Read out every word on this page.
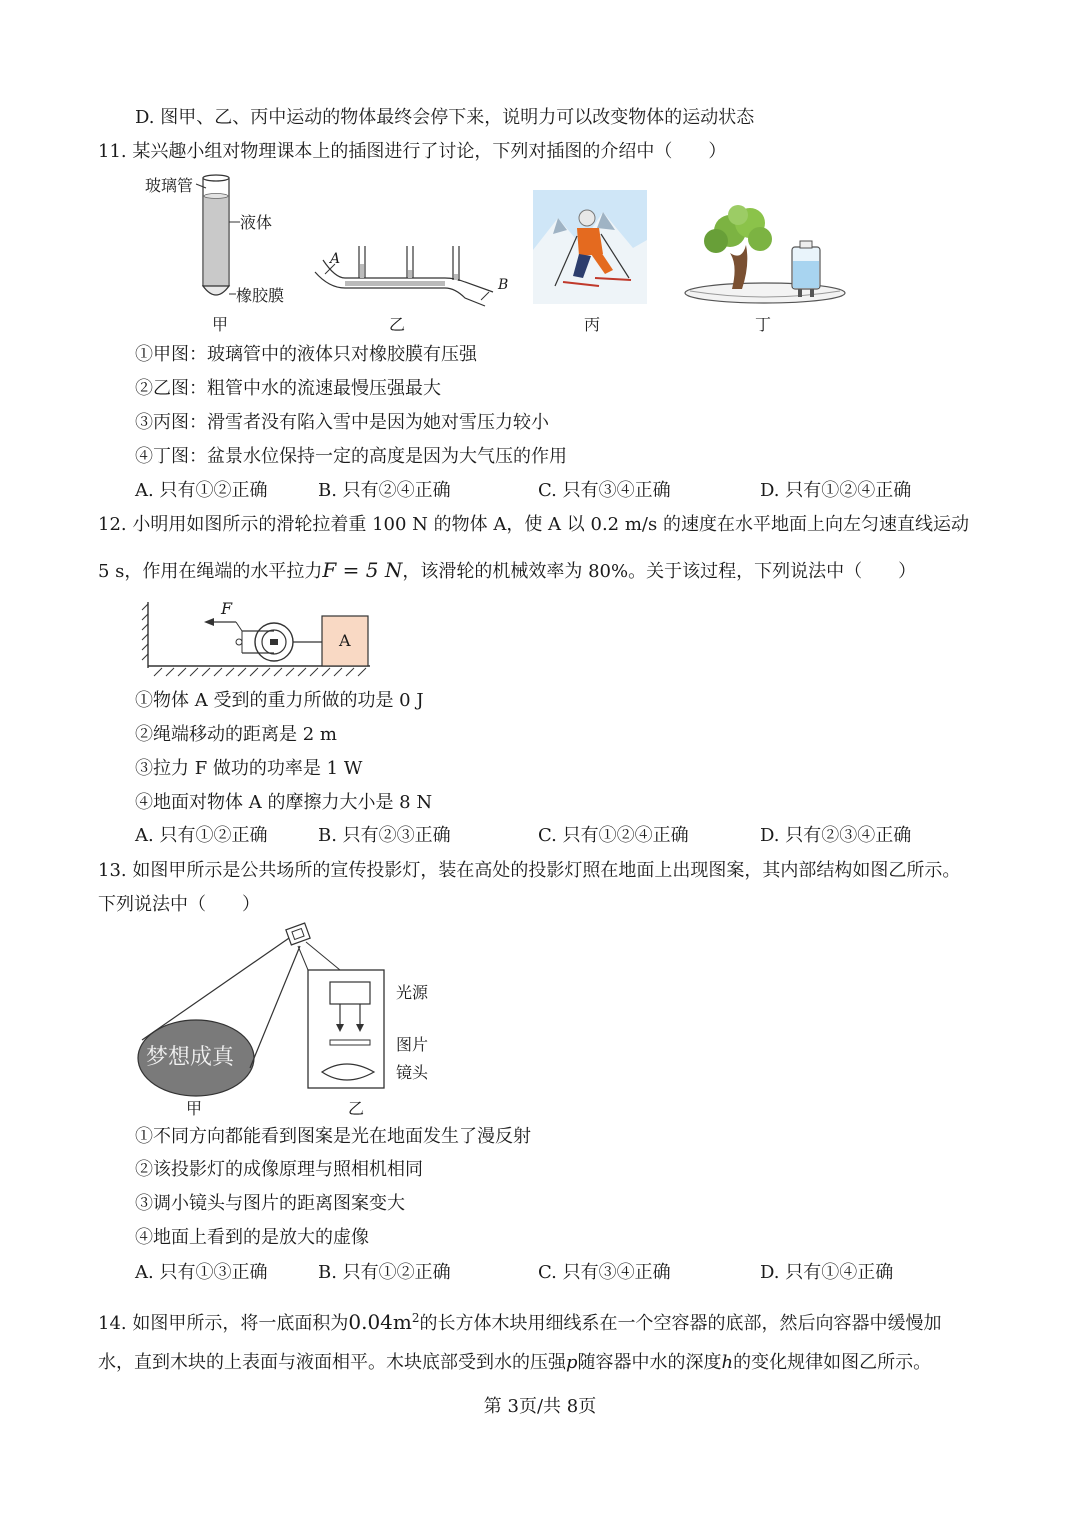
D. 图甲、乙、丙中运动的物体最终会停下来，说明力可以改变物体的运动状态
11. 某兴趣小组对物理课本上的插图进行了讨论，下列对插图的介绍中（　　）
玻璃管
液体
橡胶膜
A
B
甲	乙	丙	丁
①甲图：玻璃管中的液体只对橡胶膜有压强
②乙图：粗管中水的流速最慢压强最大
③丙图：滑雪者没有陷入雪中是因为她对雪压力较小
④丁图：盆景水位保持一定的高度是因为大气压的作用
A. 只有①②正确	B. 只有②④正确	C. 只有③④正确	D. 只有①②④正确
12. 小明用如图所示的滑轮拉着重 100 N 的物体 A，使 A 以 0.2 m/s 的速度在水平地面上向左匀速直线运动
5 s，作用在绳端的水平拉力F = 5 N，该滑轮的机械效率为 80%。关于该过程，下列说法中（　　）
F
A
①物体 A 受到的重力所做的功是 0 J
②绳端移动的距离是 2 m
③拉力 F 做功的功率是 1 W
④地面对物体 A 的摩擦力大小是 8 N
A. 只有①②正确	B. 只有②③正确	C. 只有①②④正确	D. 只有②③④正确
13. 如图甲所示是公共场所的宣传投影灯，装在高处的投影灯照在地面上出现图案，其内部结构如图乙所示。
下列说法中（　　）
梦想成真
光源
图片
镜头
甲	乙
①不同方向都能看到图案是光在地面发生了漫反射
②该投影灯的成像原理与照相机相同
③调小镜头与图片的距离图案变大
④地面上看到的是放大的虚像
A. 只有①③正确	B. 只有①②正确	C. 只有③④正确	D. 只有①④正确
14. 如图甲所示，将一底面积为$0.04m^2$的长方体木块用细线系在一个空容器的底部，然后向容器中缓慢加
水，直到木块的上表面与液面相平。木块底部受到水的压强p随容器中水的深度h的变化规律如图乙所示。
第 3页/共 8页
